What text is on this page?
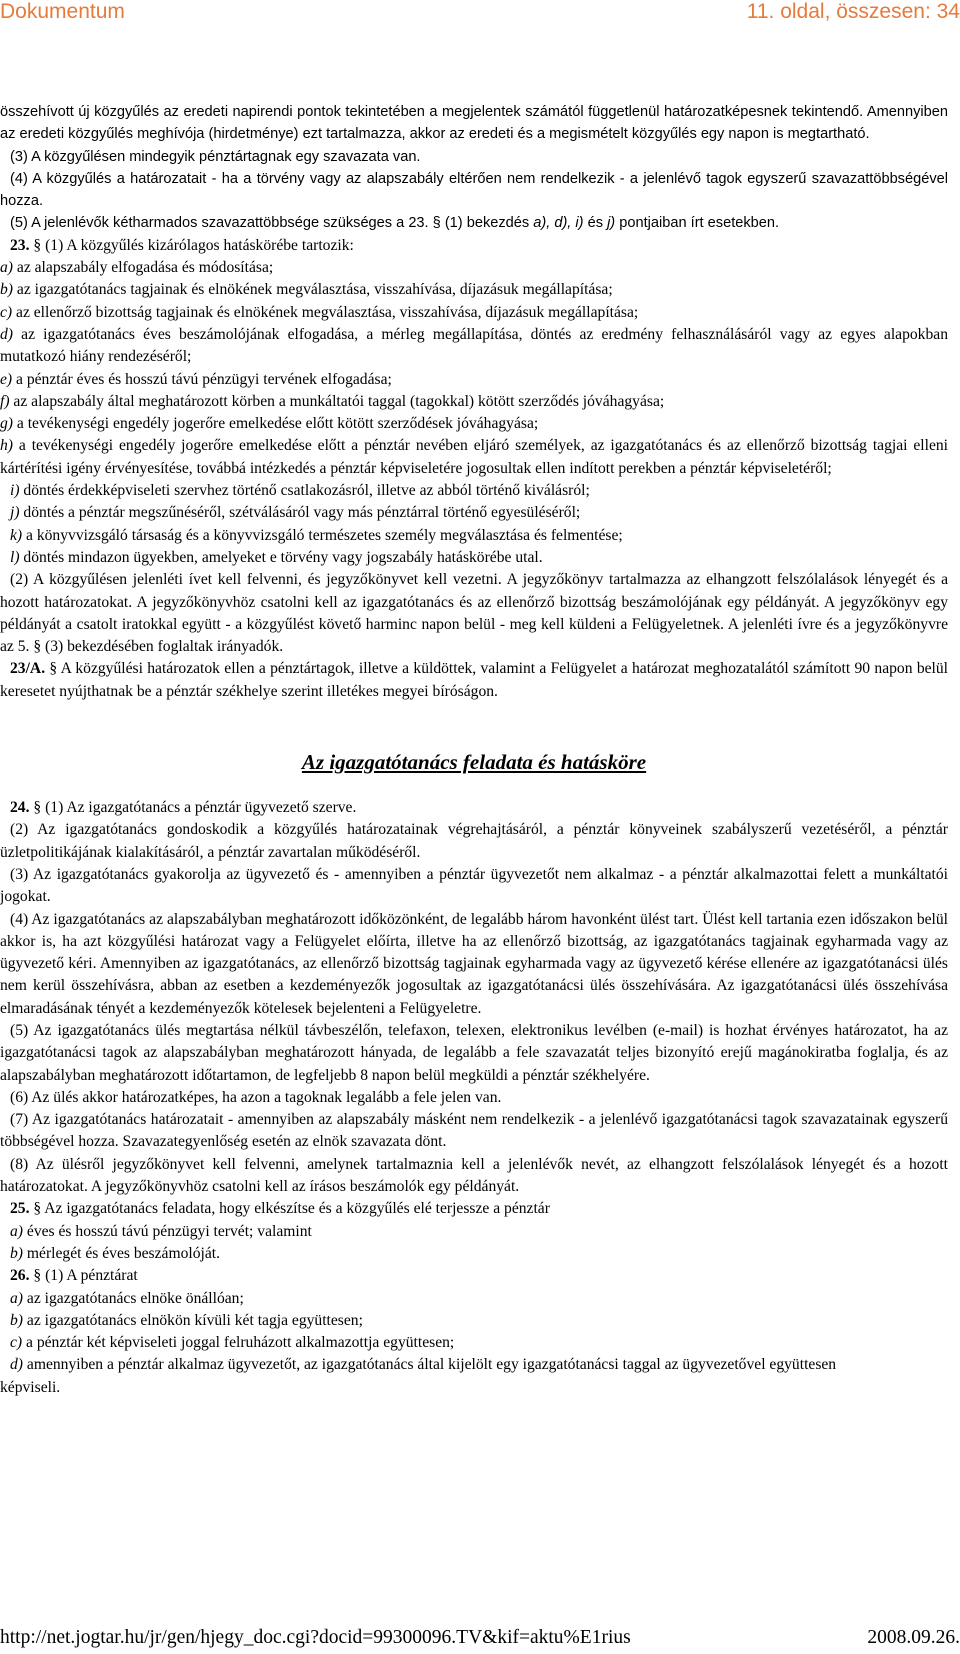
Dokumentum	11. oldal, összesen: 34

összehívott új közgyűlés az eredeti napirendi pontok tekintetében a megjelentek számától függetlenül határozatképesnek tekintendő. Amennyiben az eredeti közgyűlés meghívója (hirdetménye) ezt tartalmazza, akkor az eredeti és a megismételt közgyűlés egy napon is megtartható.

(3) A közgyűlésen mindegyik pénztártagnak egy szavazata van.

(4) A közgyűlés a határozatait - ha a törvény vagy az alapszabály eltérően nem rendelkezik - a jelenlévő tagok egyszerű szavazattöbbségével hozza.

(5) A jelenlévők kétharmados szavazattöbbsége szükséges a 23. § (1) bekezdés a), d), i) és j) pontjaiban írt esetekben.

23. § (1) A közgyűlés kizárólagos hatáskörébe tartozik:

a) az alapszabály elfogadása és módosítása;

b) az igazgatótanács tagjainak és elnökének megválasztása, visszahívása, díjazásuk megállapítása;

c) az ellenőrző bizottság tagjainak és elnökének megválasztása, visszahívása, díjazásuk megállapítása;

d) az igazgatótanács éves beszámolójának elfogadása, a mérleg megállapítása, döntés az eredmény felhasználásáról vagy az egyes alapokban mutatkozó hiány rendezéséről;

e) a pénztár éves és hosszú távú pénzügyi tervének elfogadása;

f) az alapszabály által meghatározott körben a munkáltatói taggal (tagokkal) kötött szerződés jóváhagyása;

g) a tevékenységi engedély jogerőre emelkedése előtt kötött szerződések jóváhagyása;

h) a tevékenységi engedély jogerőre emelkedése előtt a pénztár nevében eljáró személyek, az igazgatótanács és az ellenőrző bizottság tagjai elleni kártérítési igény érvényesítése, továbbá intézkedés a pénztár képviseletére jogosultak ellen indított perekben a pénztár képviseletéről;

i) döntés érdekképviseleti szervhez történő csatlakozásról, illetve az abból történő kiválásról;

j) döntés a pénztár megszűnéséről, szétválásáról vagy más pénztárral történő egyesüléséről;

k) a könyvvizsgáló társaság és a könyvvizsgáló természetes személy megválasztása és felmentése;

l) döntés mindazon ügyekben, amelyeket e törvény vagy jogszabály hatáskörébe utal.

(2) A közgyűlésen jelenléti ívet kell felvenni, és jegyzőkönyvet kell vezetni. A jegyzőkönyv tartalmazza az elhangzott felszólalások lényegét és a hozott határozatokat. A jegyzőkönyvhöz csatolni kell az igazgatótanács és az ellenőrző bizottság beszámolójának egy példányát. A jegyzőkönyv egy példányát a csatolt iratokkal együtt - a közgyűlést követő harminc napon belül - meg kell küldeni a Felügyeletnek. A jelenléti ívre és a jegyzőkönyvre az 5. § (3) bekezdésében foglaltak irányadók.

23/A. § A közgyűlési határozatok ellen a pénztártagok, illetve a küldöttek, valamint a Felügyelet a határozat meghozatalától számított 90 napon belül keresetet nyújthatnak be a pénztár székhelye szerint illetékes megyei bíróságon.

Az igazgatótanács feladata és hatásköre

24. § (1) Az igazgatótanács a pénztár ügyvezető szerve.

(2) Az igazgatótanács gondoskodik a közgyűlés határozatainak végrehajtásáról, a pénztár könyveinek szabályszerű vezetéséről, a pénztár üzletpolitikájának kialakításáról, a pénztár zavartalan működéséről.

(3) Az igazgatótanács gyakorolja az ügyvezető és - amennyiben a pénztár ügyvezetőt nem alkalmaz - a pénztár alkalmazottai felett a munkáltatói jogokat.

(4) Az igazgatótanács az alapszabályban meghatározott időközönként, de legalább három havonként ülést tart. Ülést kell tartania ezen időszakon belül akkor is, ha azt közgyűlési határozat vagy a Felügyelet előírta, illetve ha az ellenőrző bizottság, az igazgatótanács tagjainak egyharmada vagy az ügyvezető kéri. Amennyiben az igazgatótanács, az ellenőrző bizottság tagjainak egyharmada vagy az ügyvezető kérése ellenére az igazgatótanácsi ülés nem kerül összehívásra, abban az esetben a kezdeményezők jogosultak az igazgatótanácsi ülés összehívására. Az igazgatótanácsi ülés összehívása elmaradásának tényét a kezdeményezők kötelesek bejelenteni a Felügyeletre.

(5) Az igazgatótanács ülés megtartása nélkül távbeszélőn, telefaxon, telexen, elektronikus levélben (e-mail) is hozhat érvényes határozatot, ha az igazgatótanácsi tagok az alapszabályban meghatározott hányada, de legalább a fele szavazatát teljes bizonyító erejű magánokiratba foglalja, és az alapszabályban meghatározott időtartamon, de legfeljebb 8 napon belül megküldi a pénztár székhelyére.

(6) Az ülés akkor határozatképes, ha azon a tagoknak legalább a fele jelen van.

(7) Az igazgatótanács határozatait - amennyiben az alapszabály másként nem rendelkezik - a jelenlévő igazgatótanácsi tagok szavazatainak egyszerű többségével hozza. Szavazategyenlőség esetén az elnök szavazata dönt.

(8) Az ülésről jegyzőkönyvet kell felvenni, amelynek tartalmaznia kell a jelenlévők nevét, az elhangzott felszólalások lényegét és a hozott határozatokat. A jegyzőkönyvhöz csatolni kell az írásos beszámolók egy példányát.

25. § Az igazgatótanács feladata, hogy elkészítse és a közgyűlés elé terjessze a pénztár

a) éves és hosszú távú pénzügyi tervét; valamint

b) mérlegét és éves beszámolóját.

26. § (1) A pénztárat

a) az igazgatótanács elnöke önállóan;

b) az igazgatótanács elnökön kívüli két tagja együttesen;

c) a pénztár két képviseleti joggal felruházott alkalmazottja együttesen;

d) amennyiben a pénztár alkalmaz ügyvezetőt, az igazgatótanács által kijelölt egy igazgatótanácsi taggal az ügyvezetővel együttesen

képviseli.

http://net.jogtar.hu/jr/gen/hjegy_doc.cgi?docid=99300096.TV&kif=aktu%E1rius	2008.09.26.
